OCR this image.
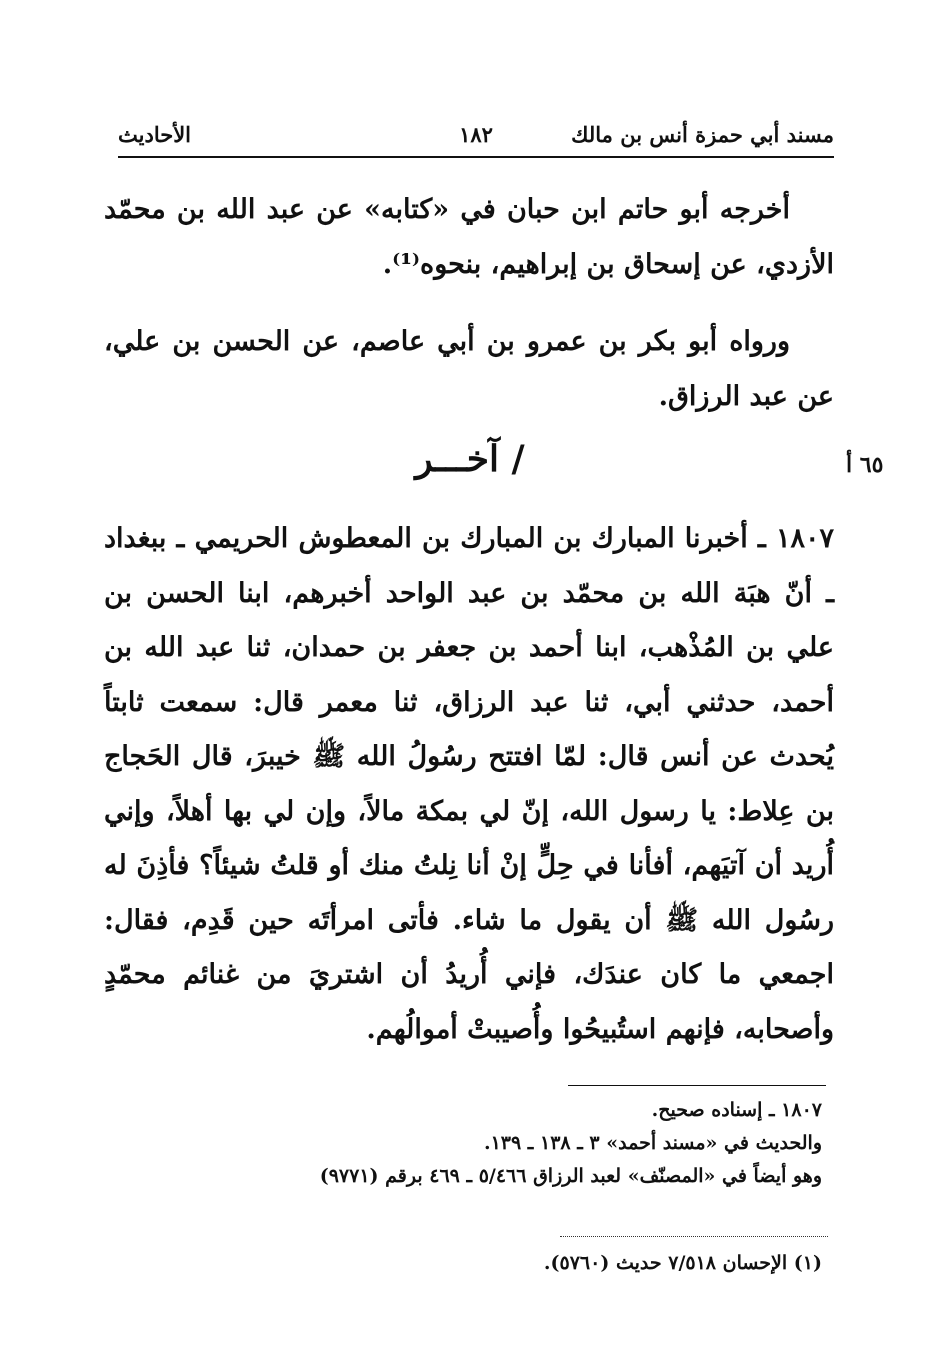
مسند أبي حمزة أنس بن مالك
١٨٢
الأحاديث
أخرجه أبو حاتم ابن حبان في «كتابه» عن عبد الله بن محمّد الأزدي، عن إسحاق بن إبراهيم، بنحوه⁽¹⁾.
ورواه أبو بكر بن عمرو بن أبي عاصم، عن الحسن بن علي، عن عبد الرزاق.
/ آخـــر	٦٥ أ
١٨٠٧ ـ أخبرنا المبارك بن المبارك بن المعطوش الحريمي ـ ببغداد ـ أنّ هبَة الله بن محمّد بن عبد الواحد أخبرهم، ابنا الحسن بن علي بن المُذْهب، ابنا أحمد بن جعفر بن حمدان، ثنا عبد الله بن أحمد، حدثني أبي، ثنا عبد الرزاق، ثنا معمر قال: سمعت ثابتاً يُحدث عن أنس قال: لمّا افتتح رسُولُ الله ﷺ خيبرَ، قال الحَجاج بن عِلاط: يا رسول الله، إنّ لي بمكة مالاً، وإن لي بها أهلاً، وإني أُريد أن آتيَهم، أفأنا في حِلٍّ إنْ أنا نِلتُ منك أو قلتُ شيئاً؟ فأذِنَ له رسُول الله ﷺ أن يقول ما شاء. فأتى امرأتَه حين قَدِم، فقال: اجمعي ما كان عندَك، فإني أُريدُ أن اشتريَ من غنائم محمّدٍ وأصحابه، فإنهم استُبيحُوا وأُصيبتْ أموالُهم.
١٨٠٧ ـ إسناده صحيح.
والحديث في «مسند أحمد» ٣ ـ ١٣٨ ـ ١٣٩.
وهو أيضاً في «المصنّف» لعبد الرزاق ٥/٤٦٦ ـ ٤٦٩ برقم (٩٧٧١)
(١) الإحسان ٧/٥١٨ حديث (٥٧٦٠).
